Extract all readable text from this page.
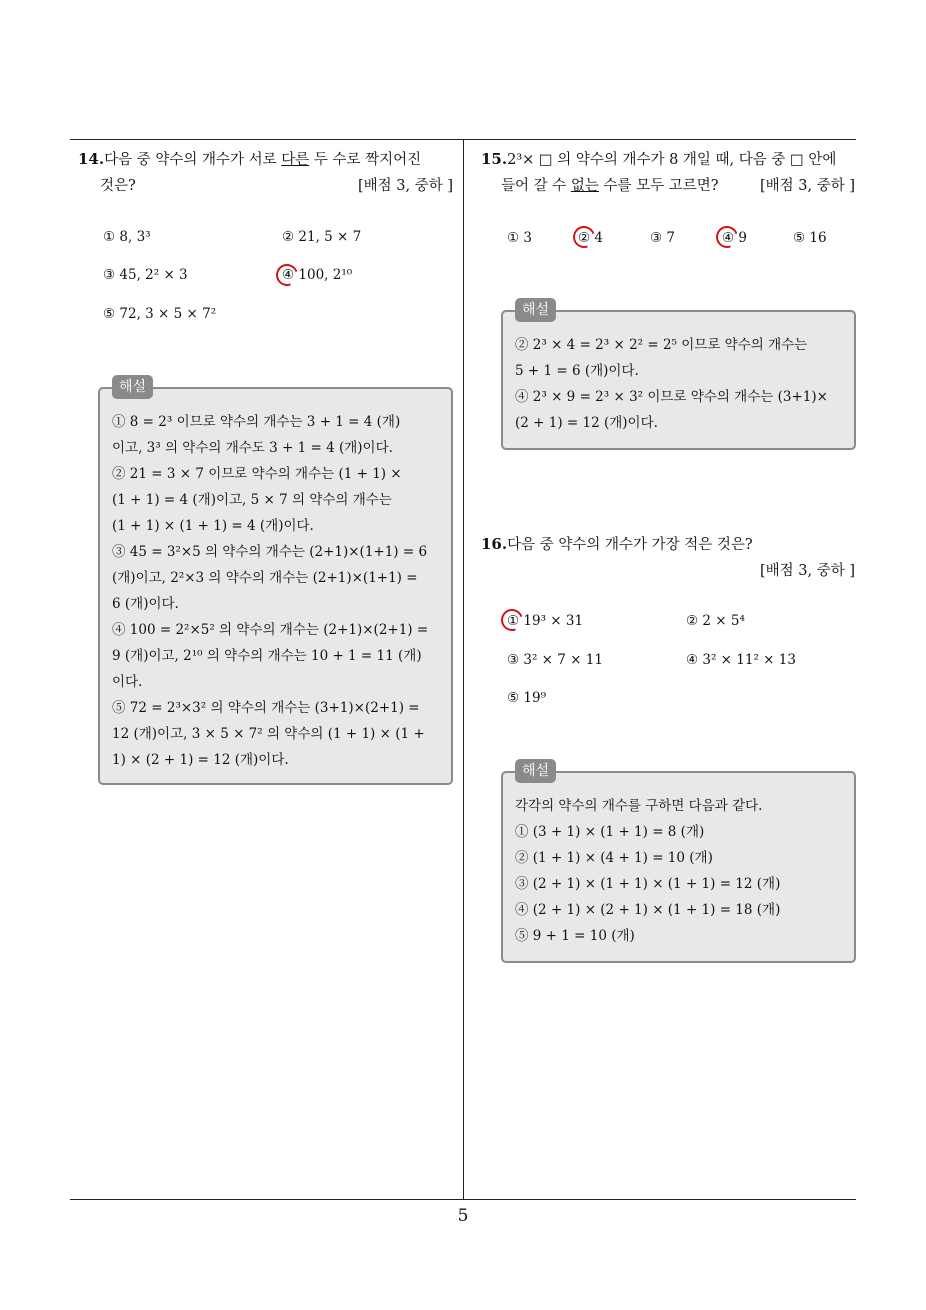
14.다음 중 약수의 개수가 서로 다른 두 수로 짝지어진
것은?	[배점 3, 중하 ]
① 8, 3³	② 21, 5 × 7
③ 45, 2² × 3	④ 100, 2¹⁰
⑤ 72, 3 × 5 × 7²
해설

① 8 = 2³ 이므로 약수의 개수는 3 + 1 = 4 (개)

이고, 3³ 의 약수의 개수도 3 + 1 = 4 (개)이다.

② 21 = 3 × 7 이므로 약수의 개수는 (1 + 1) ×

(1 + 1) = 4 (개)이고, 5 × 7 의 약수의 개수는

(1 + 1) × (1 + 1) = 4 (개)이다.

③ 45 = 3²×5 의 약수의 개수는 (2+1)×(1+1) = 6

(개)이고, 2²×3 의 약수의 개수는 (2+1)×(1+1) =

6 (개)이다.

④ 100 = 2²×5² 의 약수의 개수는 (2+1)×(2+1) =

9 (개)이고, 2¹⁰ 의 약수의 개수는 10 + 1 = 11 (개)

이다.

⑤ 72 = 2³×3² 의 약수의 개수는 (3+1)×(2+1) =

12 (개)이고, 3 × 5 × 7² 의 약수의 (1 + 1) × (1 +

1) × (2 + 1) = 12 (개)이다.

15.2³× □ 의 약수의 개수가 8 개일 때, 다음 중 □ 안에
들어 갈 수 없는 수를 모두 고르면?	[배점 3, 중하 ]
① 3	② 4	③ 7	④ 9	⑤ 16
해설

② 2³ × 4 = 2³ × 2² = 2⁵ 이므로 약수의 개수는

5 + 1 = 6 (개)이다.

④ 2³ × 9 = 2³ × 3² 이므로 약수의 개수는 (3+1)×

(2 + 1) = 12 (개)이다.

16.다음 중 약수의 개수가 가장 적은 것은?
[배점 3, 중하 ]
① 19³ × 31	② 2 × 5⁴
③ 3² × 7 × 11	④ 3² × 11² × 13
⑤ 19⁹
해설

각각의 약수의 개수를 구하면 다음과 같다.

① (3 + 1) × (1 + 1) = 8 (개)

② (1 + 1) × (4 + 1) = 10 (개)

③ (2 + 1) × (1 + 1) × (1 + 1) = 12 (개)

④ (2 + 1) × (2 + 1) × (1 + 1) = 18 (개)

⑤ 9 + 1 = 10 (개)

5
